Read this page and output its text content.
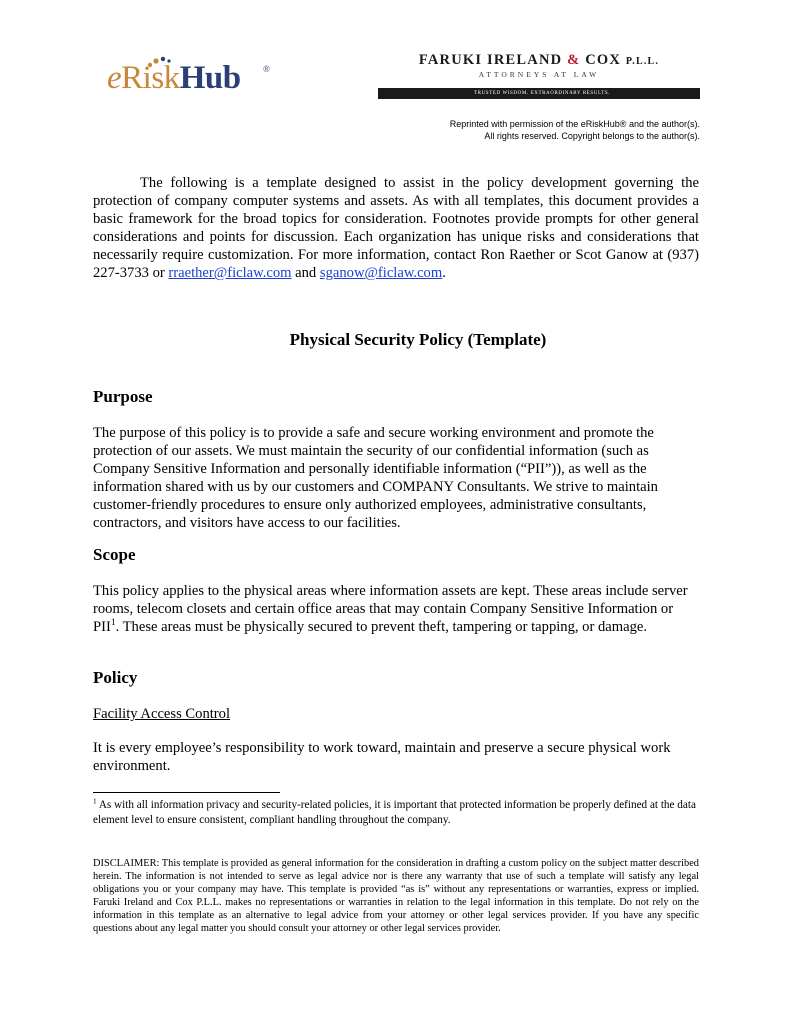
eRiskHub ®
FARUKI IRELAND & COX P.L.L.
ATTORNEYS AT LAW
TRUSTED WISDOM. EXTRAORDINARY RESULTS.
Reprinted with permission of the eRiskHub® and the author(s).
All rights reserved. Copyright belongs to the author(s).

The following is a template designed to assist in the policy development governing the protection of company computer systems and assets. As with all templates, this document provides a basic framework for the broad topics for consideration. Footnotes provide prompts for other general considerations and points for discussion. Each organization has unique risks and considerations that necessarily require customization. For more information, contact Ron Raether or Scot Ganow at (937) 227-3733 or rraether@ficlaw.com and sganow@ficlaw.com.

Physical Security Policy (Template)
Purpose
The purpose of this policy is to provide a safe and secure working environment and promote the protection of our assets. We must maintain the security of our confidential information (such as Company Sensitive Information and personally identifiable information (“PII”)), as well as the information shared with us by our customers and COMPANY Consultants. We strive to maintain customer-friendly procedures to ensure only authorized employees, administrative consultants, contractors, and visitors have access to our facilities.
Scope
This policy applies to the physical areas where information assets are kept. These areas include server rooms, telecom closets and certain office areas that may contain Company Sensitive Information or PII$^1$. These areas must be physically secured to prevent theft, tampering or tapping, or damage.
Policy
Facility Access Control
It is every employee’s responsibility to work toward, maintain and preserve a secure physical work environment.
$^1$ As with all information privacy and security-related policies, it is important that protected information be properly defined at the data element level to ensure consistent, compliant handling throughout the company.
DISCLAIMER: This template is provided as general information for the consideration in drafting a custom policy on the subject matter described herein. The information is not intended to serve as legal advice nor is there any warranty that use of such a template will satisfy any legal obligations you or your company may have. This template is provided “as is” without any representations or warranties, express or implied. Faruki Ireland and Cox P.L.L. makes no representations or warranties in relation to the legal information in this template. Do not rely on the information in this template as an alternative to legal advice from your attorney or other legal services provider. If you have any specific questions about any legal matter you should consult your attorney or other legal services provider.
